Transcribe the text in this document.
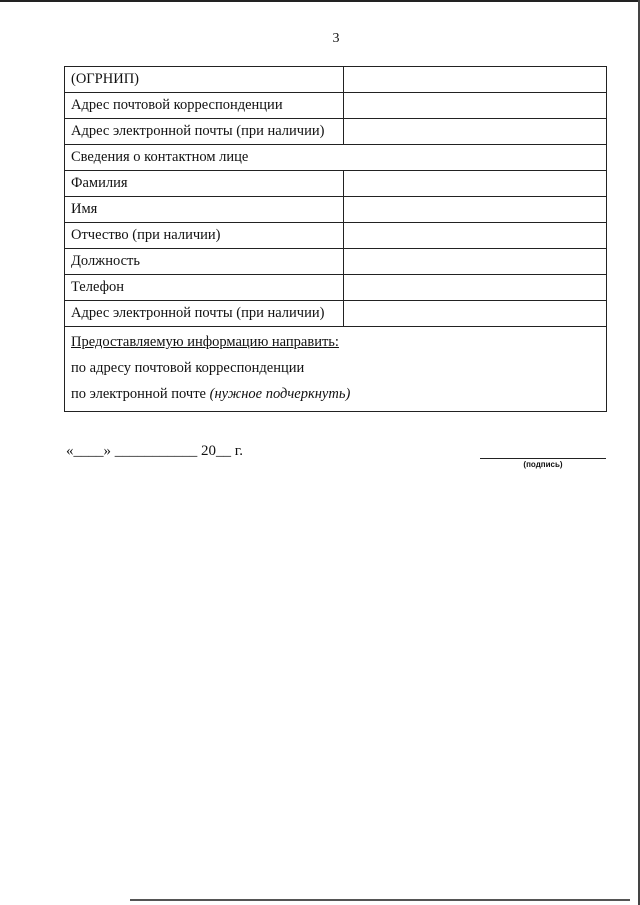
3
(ОГРНИП)	
Адрес почтовой корреспонденции	
Адрес электронной почты (при наличии)	
Сведения о контактном лице	
Фамилия	
Имя	
Отчество (при наличии)	
Должность	
Телефон	
Адрес электронной почты (при наличии)	

Предоставляемую информацию направить:
по адресу почтовой корреспонденции
по электронной почте (нужное подчеркнуть)	
«____» ___________ 20__ г.
(подпись)
